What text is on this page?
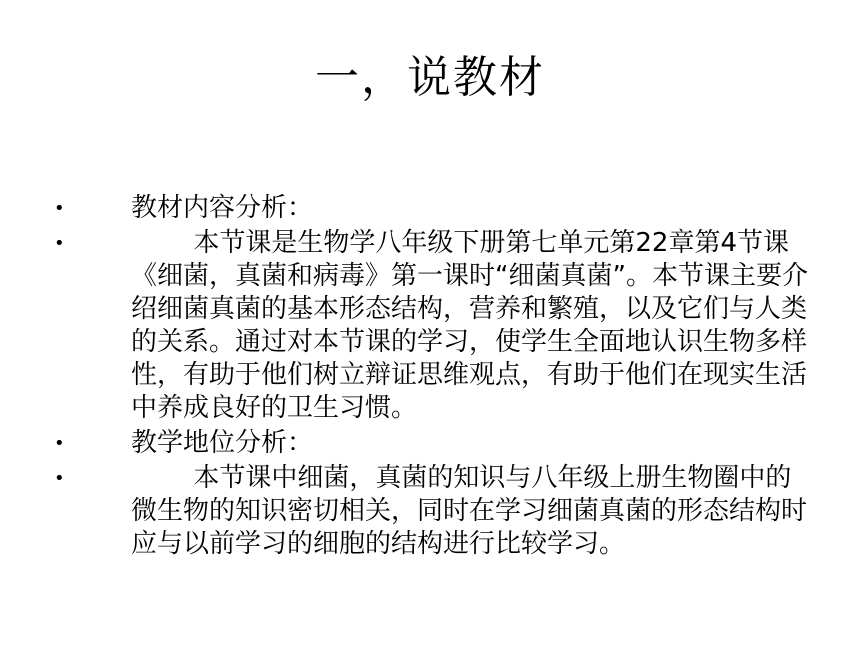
一，说教材
•	教材内容分析：
•	本节课是生物学八年级下册第七单元第22章第4节课《细菌，真菌和病毒》第一课时“细菌真菌”。本节课主要介绍细菌真菌的基本形态结构，营养和繁殖，以及它们与人类的关系。通过对本节课的学习，使学生全面地认识生物多样性，有助于他们树立辩证思维观点，有助于他们在现实生活中养成良好的卫生习惯。
•	教学地位分析：
•	本节课中细菌，真菌的知识与八年级上册生物圈中的微生物的知识密切相关，同时在学习细菌真菌的形态结构时应与以前学习的细胞的结构进行比较学习。
